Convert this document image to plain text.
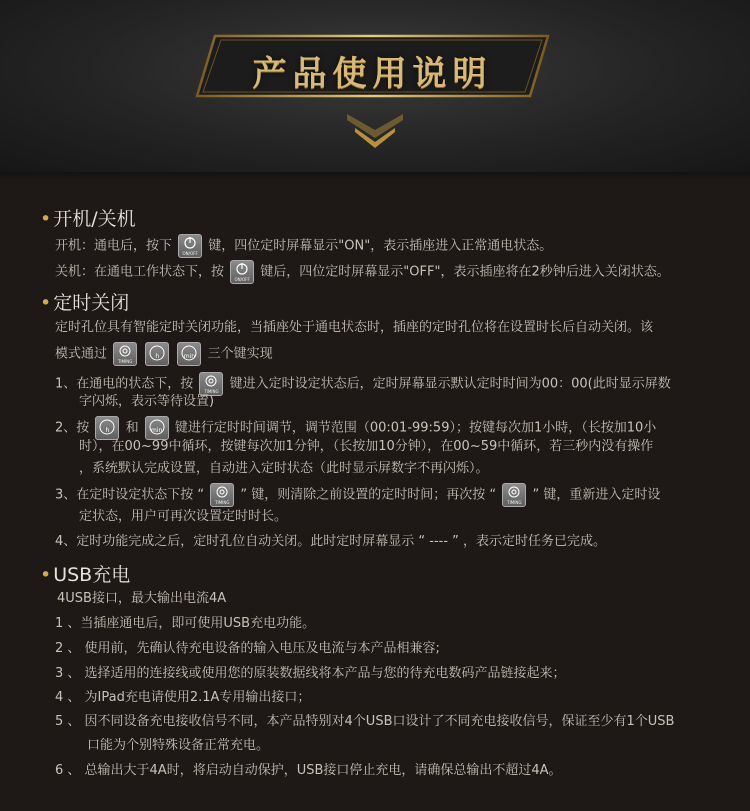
产品使用说明
• 开机/关机
开机：通电后，按下	ON/OFF 键，四位定时屏幕显示"ON"，表示插座进入正常通电状态。
关机：在通电工作状态下，按	ON/OFF 键后，四位定时屏幕显示"OFF"，表示插座将在2秒钟后进入关闭状态。
• 定时关闭
定时孔位具有智能定时关闭功能，当插座处于通电状态时，插座的定时孔位将在设置时长后自动关闭。该
模式通过	TIMING

h
	min 三个键实现
1、在通电的状态下，按	TIMING 键进入定时设定状态后，定时屏幕显示默认定时时间为00：00(此时显示屏数
字闪烁，表示等待设置)
2、按	h	和	min 键进行定时时间调节，调节范围（00:01-99:59）；按键每次加1小時，（长按加10小
时），在00~99中循环，按键每次加1分钟，（长按加10分钟），在00~59中循环，若三秒内没有操作
，系统默认完成设置，自动进入定时状态（此时显示屏数字不再闪烁）。
3、在定时设定状态下按 “	TIMING ” 键，则清除之前设置的定时时间；再次按 “	TIMING ” 键，重新进入定时设
定状态，用户可再次设置定时时长。
4、定时功能完成之后，定时孔位自动关闭。此时定时屏幕显示 “ ---- ” ，表示定时任务已完成。
• USB充电
4USB接口，最大输出电流4A
1 、当插座通电后，即可使用USB充电功能。
2 、 使用前，先确认待充电设备的输入电压及电流与本产品相兼容;
3 、 选择适用的连接线或使用您的原装数据线将本产品与您的待充电数码产品链接起来；
4 、 为IPad充电请使用2.1A专用输出接口；
5 、 因不同设备充电接收信号不同，本产品特别对4个USB口设计了不同充电接收信号，保证至少有1个USB
口能为个别特殊设备正常充电。
6 、 总输出大于4A时，将启动自动保护，USB接口停止充电，请确保总输出不超过4A。
